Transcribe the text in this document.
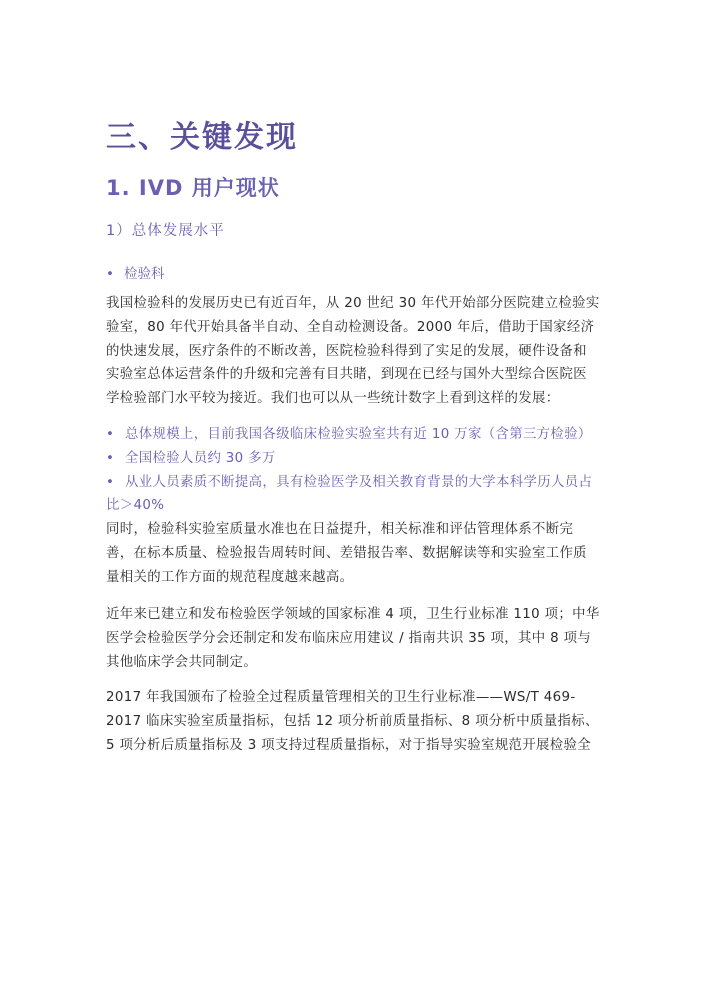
三、关键发现
1. IVD 用户现状
1）总体发展水平
• 检验科
我国检验科的发展历史已有近百年，从 20 世纪 30 年代开始部分医院建立检验实
验室，80 年代开始具备半自动、全自动检测设备。2000 年后，借助于国家经济
的快速发展，医疗条件的不断改善，医院检验科得到了实足的发展，硬件设备和
实验室总体运营条件的升级和完善有目共睹，到现在已经与国外大型综合医院医
学检验部门水平较为接近。我们也可以从一些统计数字上看到这样的发展：
• 总体规模上，目前我国各级临床检验实验室共有近 10 万家（含第三方检验）
• 全国检验人员约 30 多万
• 从业人员素质不断提高，具有检验医学及相关教育背景的大学本科学历人员占
比＞40%
同时，检验科实验室质量水准也在日益提升，相关标准和评估管理体系不断完
善，在标本质量、检验报告周转时间、差错报告率、数据解读等和实验室工作质
量相关的工作方面的规范程度越来越高。
近年来已建立和发布检验医学领域的国家标准 4 项，卫生行业标准 110 项；中华
医学会检验医学分会还制定和发布临床应用建议 / 指南共识 35 项，其中 8 项与
其他临床学会共同制定。
2017 年我国颁布了检验全过程质量管理相关的卫生行业标准——WS/T 469-
2017 临床实验室质量指标，包括 12 项分析前质量指标、8 项分析中质量指标、
5 项分析后质量指标及 3 项支持过程质量指标，对于指导实验室规范开展检验全
